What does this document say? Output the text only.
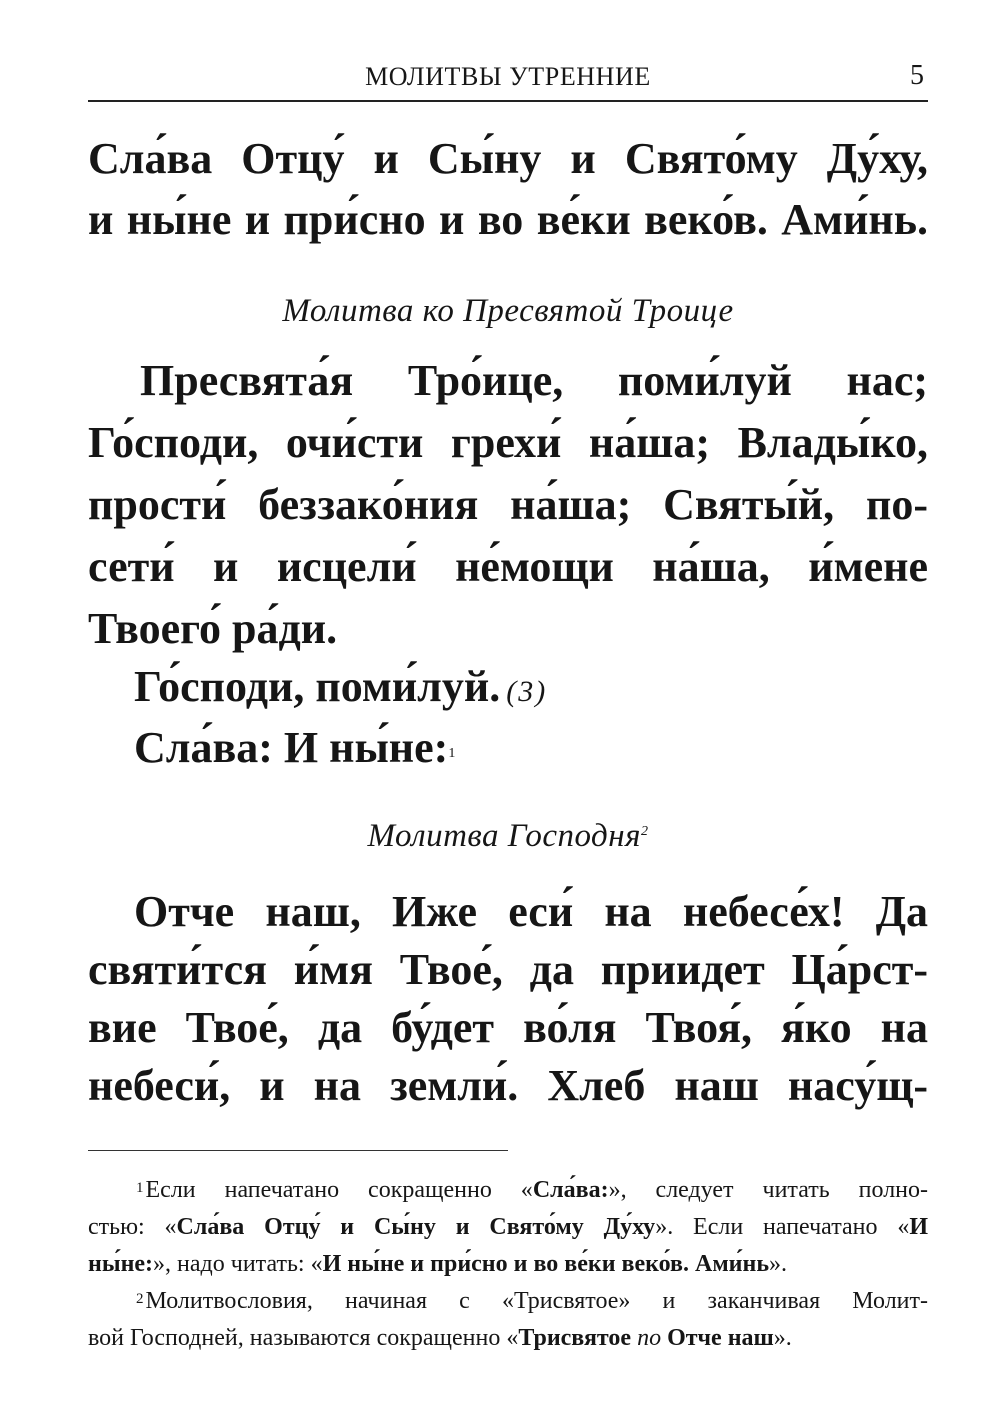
МОЛИТВЫ УТРЕННИЕ	5
Сла́ва Отцу́ и Сы́ну и Свято́му Ду́ху,
и ны́не и при́сно и во ве́ки веко́в. Ами́нь.
Молитва ко Пресвятой Троице
Пресвята́я Тро́ице, поми́луй нас;
Го́споди, очи́сти грехи́ на́ша; Влады́ко,
прости́ беззако́ния на́ша; Святы́й, по-
сети́ и исцели́ не́мощи на́ша, и́мене
Твоего́ ра́ди.
Го́споди, поми́луй. (3)
Сла́ва: И ны́не:$^1$
Молитва Господня$^2$
Отче наш, Иже еси́ на небесе́х! Да
святи́тся и́мя Твое́, да приидет Ца́рст-
вие Твое́, да бу́дет во́ля Твоя́, я́ко на
небеси́, и на земли́. Хлеб наш насу́щ-
$^1$Если напечатано сокращенно «Сла́ва:», следует читать полно-
стью: «Сла́ва Отцу́ и Сы́ну и Свято́му Ду́ху». Если напечатано «И
ны́не:», надо читать: «И ны́не и при́сно и во ве́ки веко́в. Ами́нь».
$^2$Молитвословия, начиная с «Трисвятое» и заканчивая Молит-
вой Господней, называются сокращенно «Трисвятое по Отче наш».
